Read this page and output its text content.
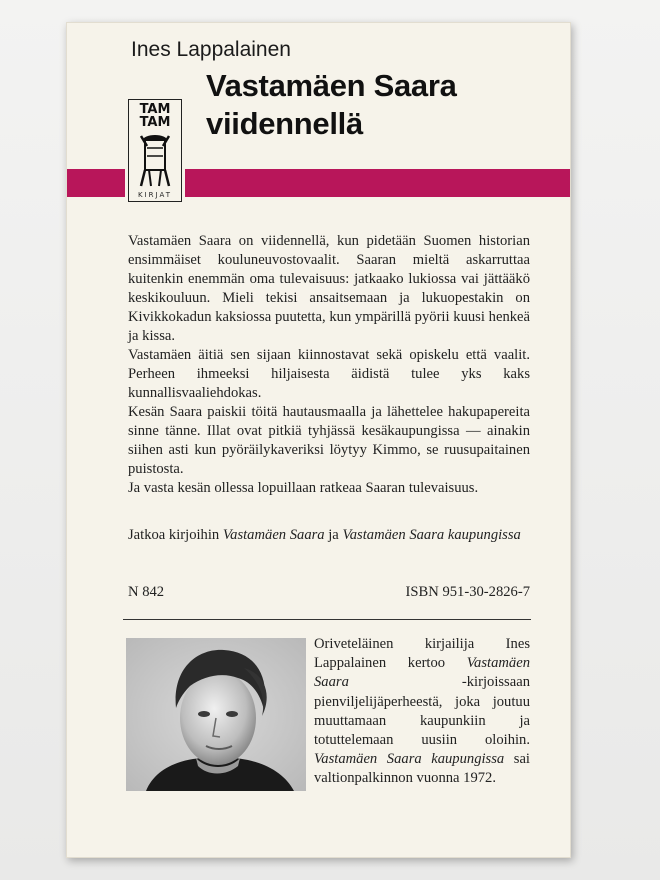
Ines Lappalainen
Vastamäen Saara
viidennellä
TAM
TAM
KIRJAT

Vastamäen Saara on viidennellä, kun pidetään Suomen historian ensimmäiset kouluneuvostovaalit. Saaran mieltä askarruttaa kuitenkin enemmän oma tulevaisuus: jatkaako lukiossa vai jättääkö keskikouluun. Mieli tekisi ansaitsemaan ja lukuopestakin on Kivikkokadun kaksiossa puutetta, kun ympärillä pyörii kuusi henkeä ja kissa.

Vastamäen äitiä sen sijaan kiinnostavat sekä opiskelu että vaalit. Perheen ihmeeksi hiljaisesta äidistä tulee yks kaks kunnallisvaaliehdokas.

Kesän Saara paiskii töitä hautausmaalla ja lähettelee hakupapereita sinne tänne. Illat ovat pitkiä tyhjässä kesäkaupungissa — ainakin siihen asti kun pyöräilykaveriksi löytyy Kimmo, se ruusupaitainen puistosta.

Ja vasta kesän ollessa lopuillaan ratkeaa Saaran tulevaisuus.

Jatkoa kirjoihin Vastamäen Saara ja Vastamäen Saara kaupungissa
N 842	ISBN 951-30-2826-7
Oriveteläinen kirjailija Ines Lappalainen kertoo Vastamäen Saara -kirjoissaan pienviljelijäperheestä, joka joutuu muuttamaan kaupunkiin ja totuttelemaan uusiin oloihin. Vastamäen Saara kaupungissa sai valtionpalkinnon vuonna 1972.
